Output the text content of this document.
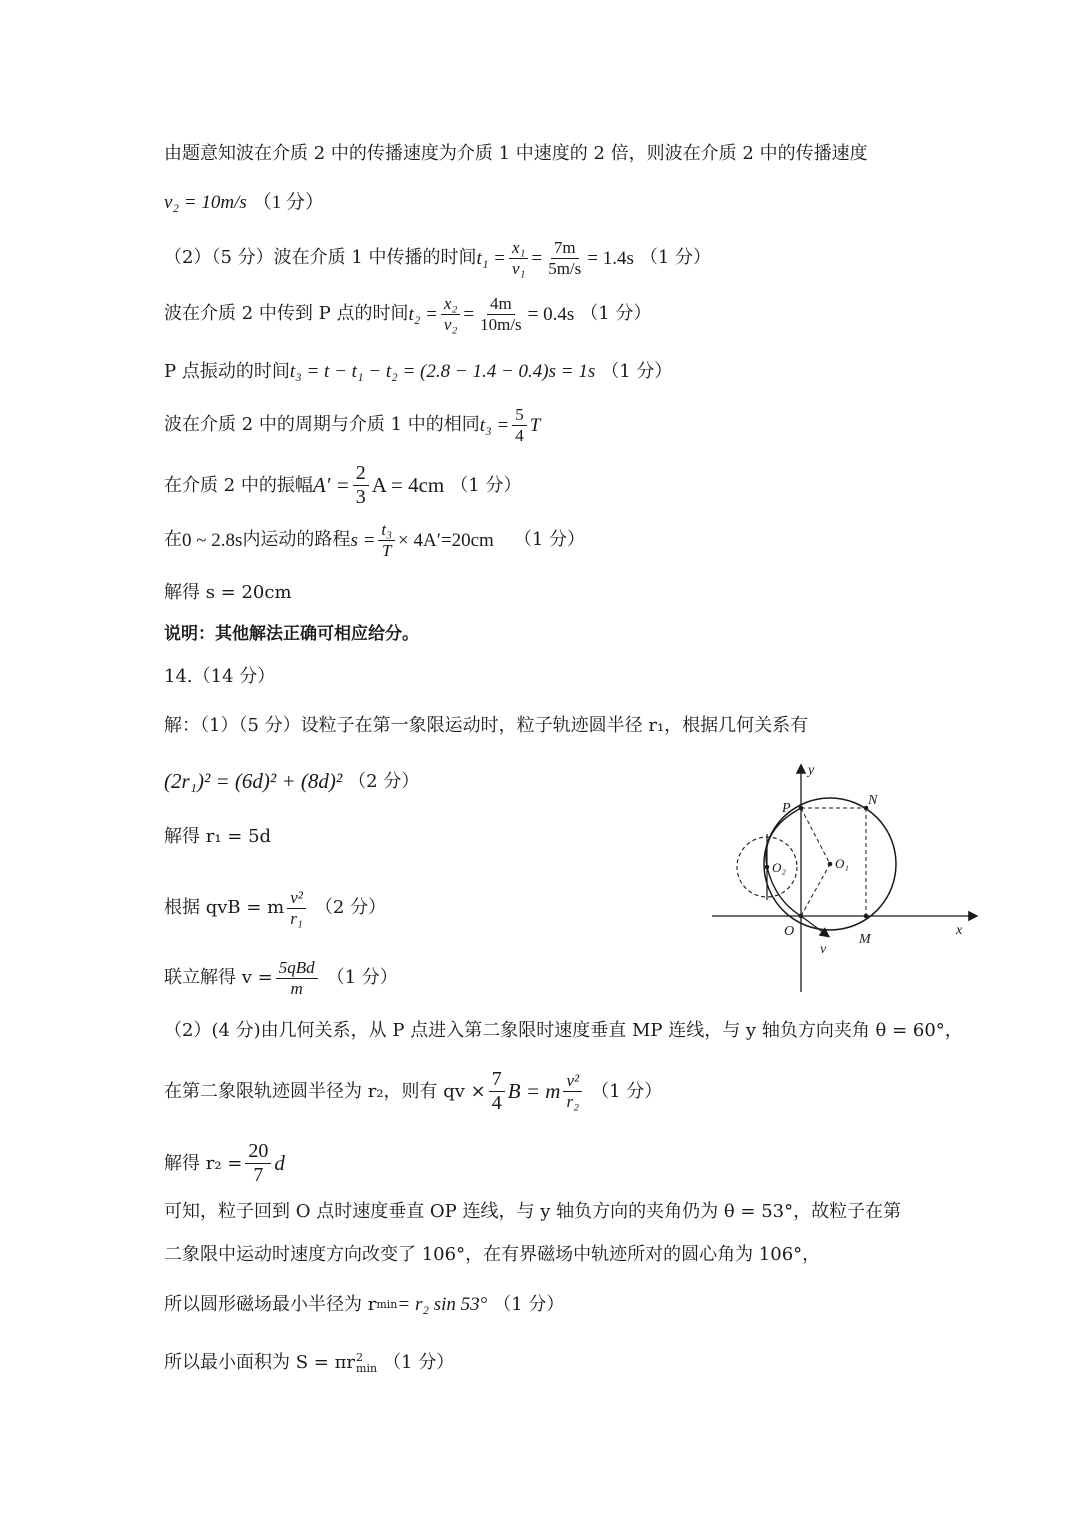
由题意知波在介质 2 中的传播速度为介质 1 中速度的 2 倍，则波在介质 2 中的传播速度
v₂ = 10m/s （1 分）
（2）（5 分）波在介质 1 中传播的时间 $t_1 = \frac{\text{x₁}}{\text{v₁}} = \frac{7m}{5m/s} = 1.4s$ （1 分）
波在介质 2 中传到 P 点的时间 $t_2 = \frac{\text{x₂}}{\text{v₂}} = \frac{4m}{10m/s} = 0.4s$ （1 分）
P 点振动的时间 t₃ = t − t₁ − t₂ = (2.8 − 1.4 − 0.4)s = 1s （1 分）
波在介质 2 中的周期与介质 1 中的相同 $t_3 = \frac{5}{4}$ T
在介质 2 中的振幅 $A' = \frac{2}{3}$ A = 4cm （1 分）
在 0 ~ 2.8s 内运动的路程 $s = \frac{\text{t₃}}{T} \times 4A'=20cm$ （1 分）
解得 s = 20cm
说明：其他解法正确可相应给分。
14.（14 分）
解：（1）（5 分）设粒子在第一象限运动时，粒子轨迹圆半径 r₁，根据几何关系有
(2r₁)² = (6d)² + (8d)² （2 分）
解得 r₁ = 5d
根据 qvB = m $\frac{\text{v²}}{\text{r₁}} (2$ 分）
联立解得 $v = \frac{\text{5qBd}}{m} (1$ 分）
（2）(4 分)由几何关系，从 P 点进入第二象限时速度垂直 MP 连线，与 y 轴负方向夹角 θ = 60°，
在第二象限轨迹圆半径为 r₂，则有 qv × $\frac{7}{4}$ B = m $\frac{\text{v²}}{\text{r₂}} (1$ 分）
解得 $r_2 = \frac{20}{7}$ d
可知，粒子回到 O 点时速度垂直 OP 连线，与 y 轴负方向的夹角仍为 θ = 53°，故粒子在第
二象限中运动时速度方向改变了 106°，在有界磁场中轨迹所对的圆心角为 106°，
所以圆形磁场最小半径为 r min = r₂ sin 53° （1 分）
所以最小面积为 S = πr 2
min （1 分）
y
x
P
N
O₁
O₂
O
M
v
